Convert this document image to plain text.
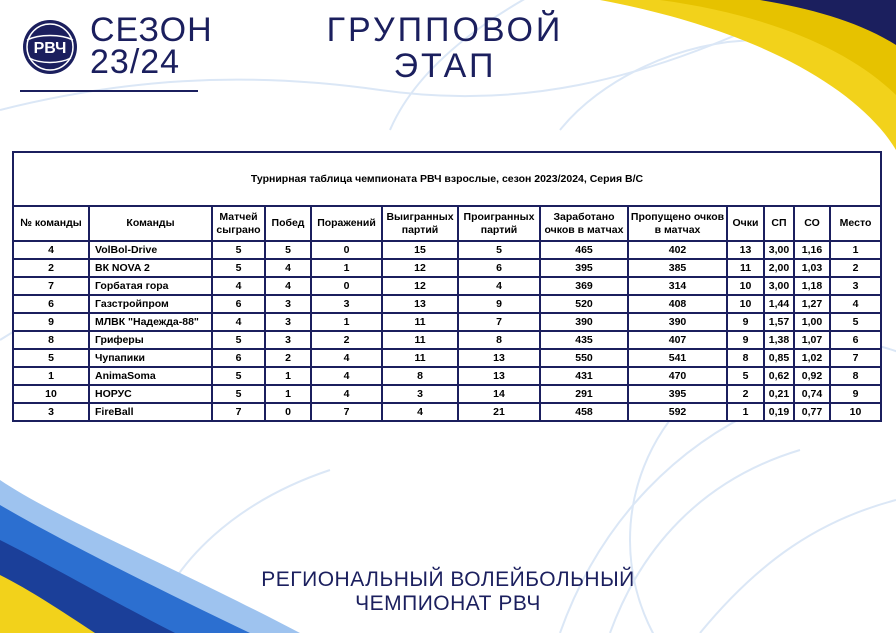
РВЧ СЕЗОН
23/24
ГРУППОВОЙ
ЭТАП
Турнирная таблица чемпионата РВЧ взрослые, сезон 2023/2024, Серия В/С												
№ команды	Команды	Матчей сыграно	Побед	Поражений	Выигранных партий	Проигранных партий	Заработано очков в матчах	Пропущено очков в матчах	Очки	СП	СО	Место
4	VolBol-Drive	5	5	0	15	5	465	402	13	3,00	1,16	1
2	ВК NOVA 2	5	4	1	12	6	395	385	11	2,00	1,03	2
7	Горбатая гора	4	4	0	12	4	369	314	10	3,00	1,18	3
6	Газстройпром	6	3	3	13	9	520	408	10	1,44	1,27	4
9	МЛВК "Надежда-88"	4	3	1	11	7	390	390	9	1,57	1,00	5
8	Гриферы	5	3	2	11	8	435	407	9	1,38	1,07	6
5	Чупапики	6	2	4	11	13	550	541	8	0,85	1,02	7
1	AnimaSoma	5	1	4	8	13	431	470	5	0,62	0,92	8
10	НОРУС	5	1	4	3	14	291	395	2	0,21	0,74	9
3	FireBall	7	0	7	4	21	458	592	1	0,19	0,77	10
РЕГИОНАЛЬНЫЙ ВОЛЕЙБОЛЬНЫЙ
ЧЕМПИОНАТ РВЧ
